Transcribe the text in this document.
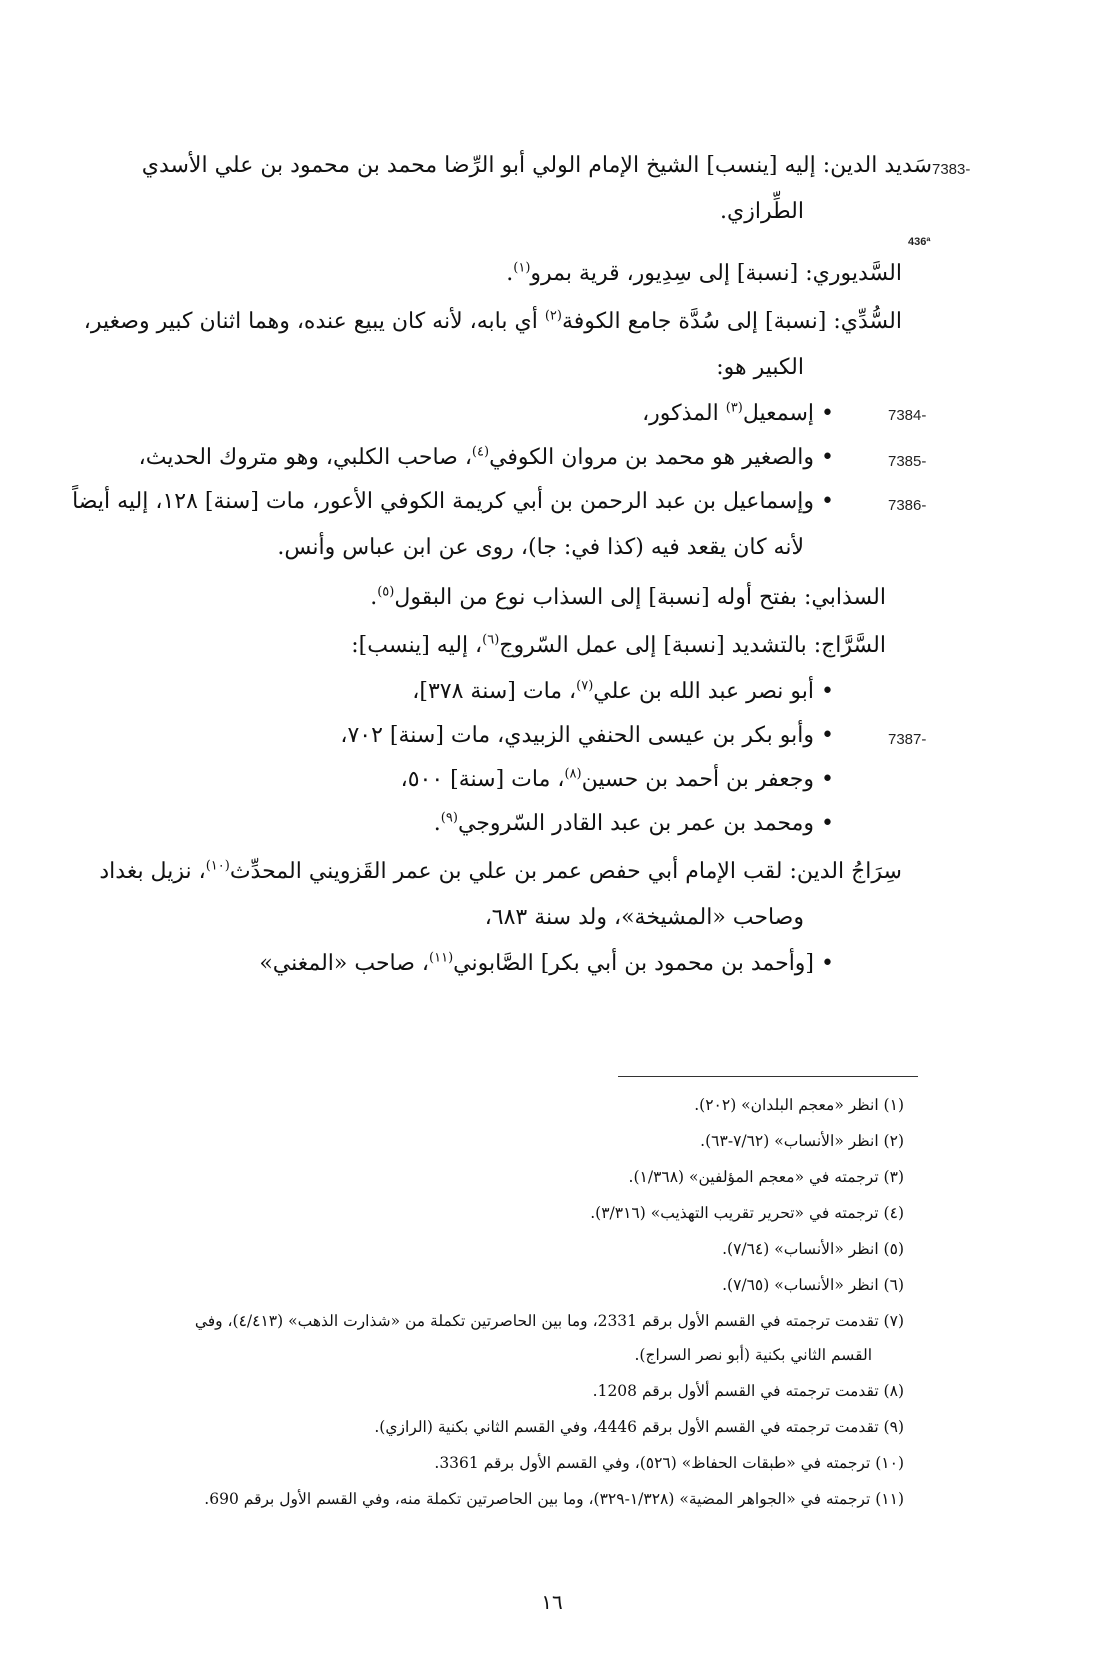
7383-
سَديد الدين: إليه [ينسب] الشيخ الإمام الولي أبو الرِّضا محمد بن محمود بن علي الأسدي
الطِّرازي.
436ª
السَّديوري: [نسبة] إلى سِدِيور، قرية بمرو$^{(١)}$.
السُّدِّي: [نسبة] إلى سُدَّة جامع الكوفة$^{(٢)}$ أي بابه، لأنه كان يبيع عنده، وهما اثنان كبير وصغير،
الكبير هو:
7384-
• إسمعيل$^{(٣)}$ المذكور،
7385-
• والصغير هو محمد بن مروان الكوفي$^{(٤)}$، صاحب الكلبي، وهو متروك الحديث،
7386-
• وإسماعيل بن عبد الرحمن بن أبي كريمة الكوفي الأعور، مات [سنة] ١٢٨، إليه أيضاً
لأنه كان يقعد فيه (كذا في: جا)، روى عن ابن عباس وأنس.
السذابي: بفتح أوله [نسبة] إلى السذاب نوع من البقول$^{(٥)}$.
السَّرَّاج: بالتشديد [نسبة] إلى عمل السّروج$^{(٦)}$، إليه [ينسب]:
• أبو نصر عبد الله بن علي$^{(٧)}$، مات [سنة ٣٧٨]،
7387-
• وأبو بكر بن عيسى الحنفي الزبيدي، مات [سنة] ٧٠٢،
• وجعفر بن أحمد بن حسين$^{(٨)}$، مات [سنة] ٥٠٠،
• ومحمد بن عمر بن عبد القادر السّروجي$^{(٩)}$.
سِرَاجُ الدين: لقب الإمام أبي حفص عمر بن علي بن عمر القَزويني المحدِّث$^{(١٠)}$، نزيل بغداد
وصاحب «المشيخة»، ولد سنة ٦٨٣،
• [وأحمد بن محمود بن أبي بكر] الصَّابوني$^{(١١)}$، صاحب «المغني»
(١) انظر «معجم البلدان» (٢٠٢).
(٢) انظر «الأنساب» (٧/٦٢-٦٣).
(٣) ترجمته في «معجم المؤلفين» (١/٣٦٨).
(٤) ترجمته في «تحرير تقريب التهذيب» (٣/٣١٦).
(٥) انظر «الأنساب» (٧/٦٤).
(٦) انظر «الأنساب» (٧/٦٥).
(٧) تقدمت ترجمته في القسم الأول برقم 2331، وما بين الحاصرتين تكملة من «شذارت الذهب» (٤/٤١٣)، وفي
القسم الثاني بكنية (أبو نصر السراج).
(٨) تقدمت ترجمته في القسم ألأول برقم 1208.
(٩) تقدمت ترجمته في القسم الأول برقم 4446، وفي القسم الثاني بكنية (الرازي).
(١٠) ترجمته في «طبقات الحفاظ» (٥٢٦)، وفي القسم الأول برقم 3361.
(١١) ترجمته في «الجواهر المضية» (١/٣٢٨-٣٢٩)، وما بين الحاصرتين تكملة منه، وفي القسم الأول برقم 690.
١٦
